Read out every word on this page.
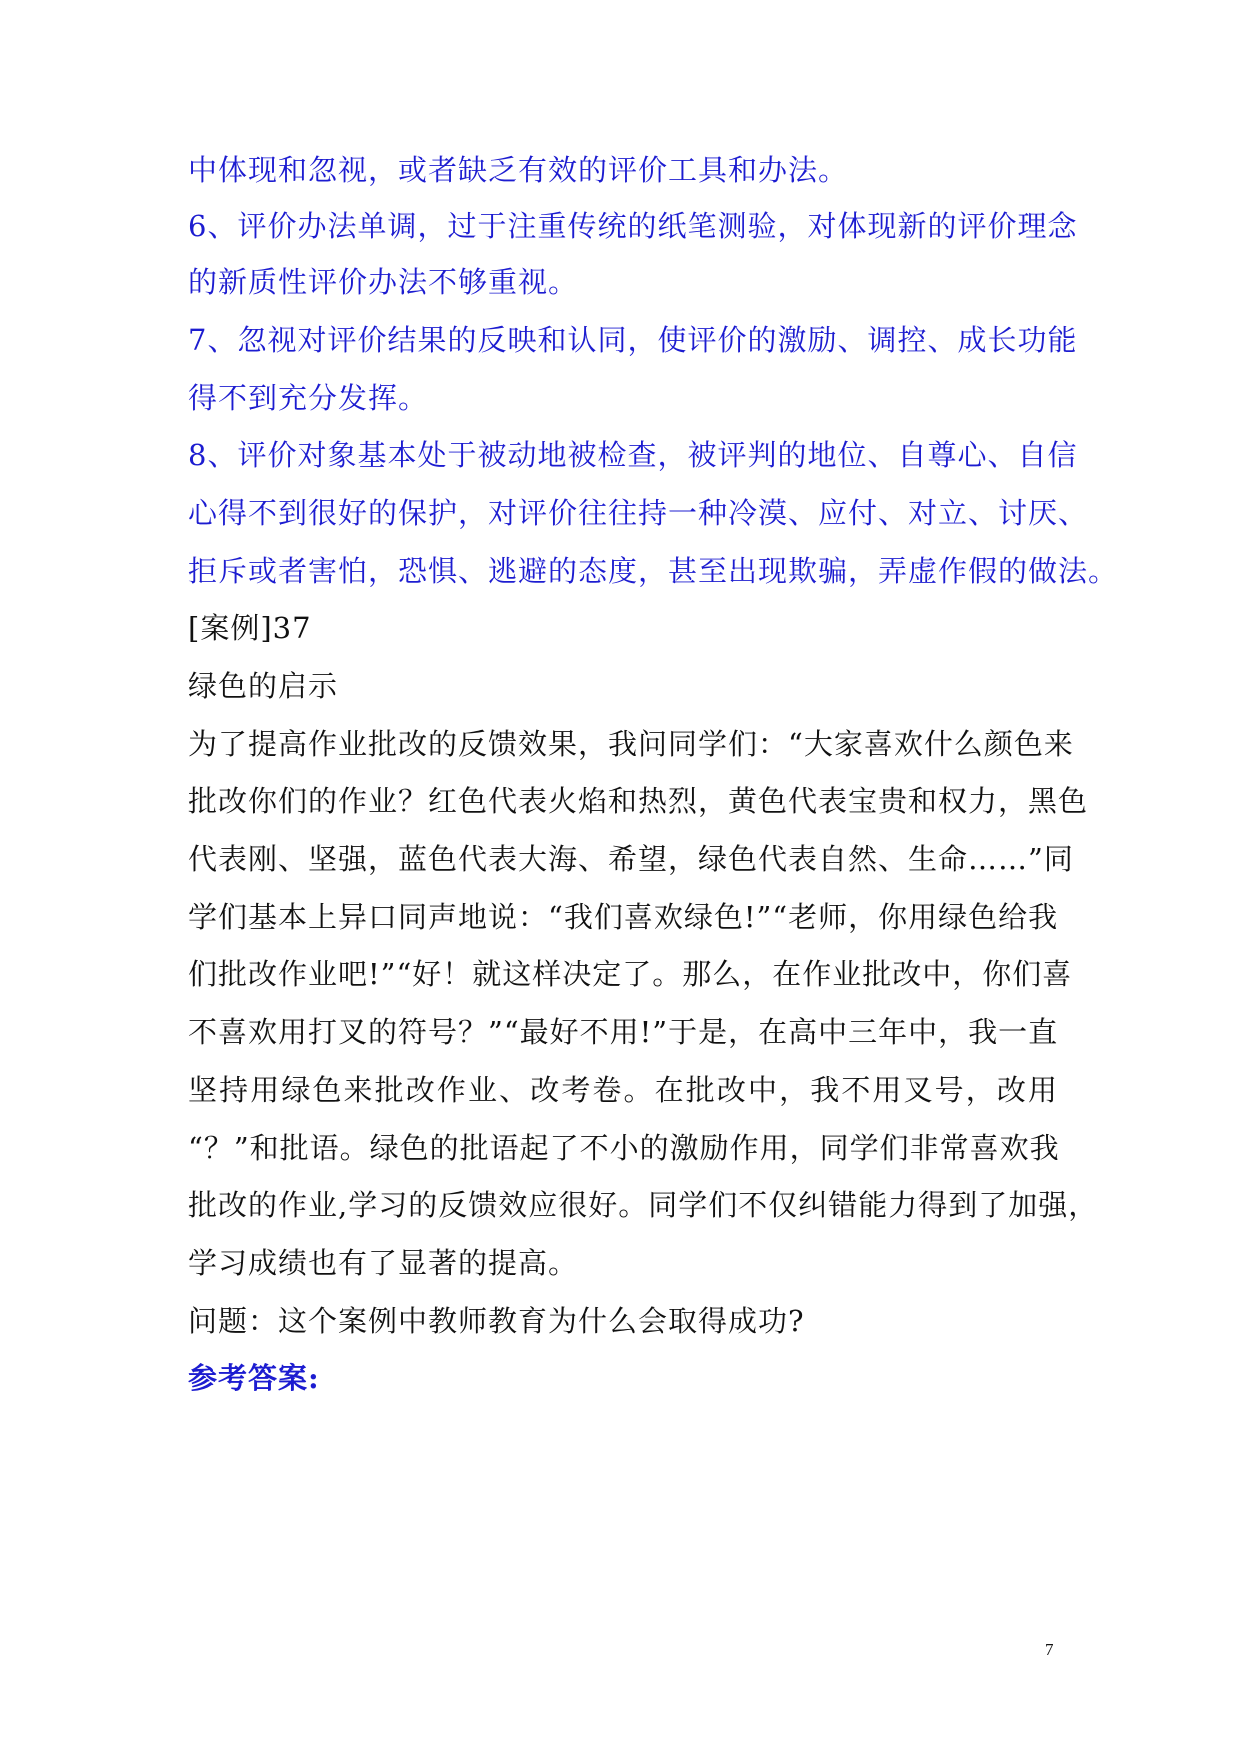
中体现和忽视，或者缺乏有效的评价工具和办法。

6、评价办法单调，过于注重传统的纸笔测验，对体现新的评价理念

的新质性评价办法不够重视。

7、忽视对评价结果的反映和认同，使评价的激励、调控、成长功能

得不到充分发挥。

8、评价对象基本处于被动地被检查，被评判的地位、自尊心、自信

心得不到很好的保护，对评价往往持一种冷漠、应付、对立、讨厌、

拒斥或者害怕，恐惧、逃避的态度，甚至出现欺骗，弄虚作假的做法。

[案例]37

绿色的启示

为了提高作业批改的反馈效果，我问同学们：“大家喜欢什么颜色来

批改你们的作业？红色代表火焰和热烈，黄色代表宝贵和权力，黑色

代表刚、坚强，蓝色代表大海、希望，绿色代表自然、生命……”同

学们基本上异口同声地说：“我们喜欢绿色!”“老师，你用绿色给我

们批改作业吧!”“好！就这样决定了。那么，在作业批改中，你们喜

不喜欢用打叉的符号？”“最好不用!”于是，在高中三年中，我一直

坚持用绿色来批改作业、改考卷。在批改中，我不用叉号，改用

“？”和批语。绿色的批语起了不小的激励作用，同学们非常喜欢我

批改的作业,学习的反馈效应很好。同学们不仅纠错能力得到了加强，

学习成绩也有了显著的提高。

问题：这个案例中教师教育为什么会取得成功?

参考答案:

7
